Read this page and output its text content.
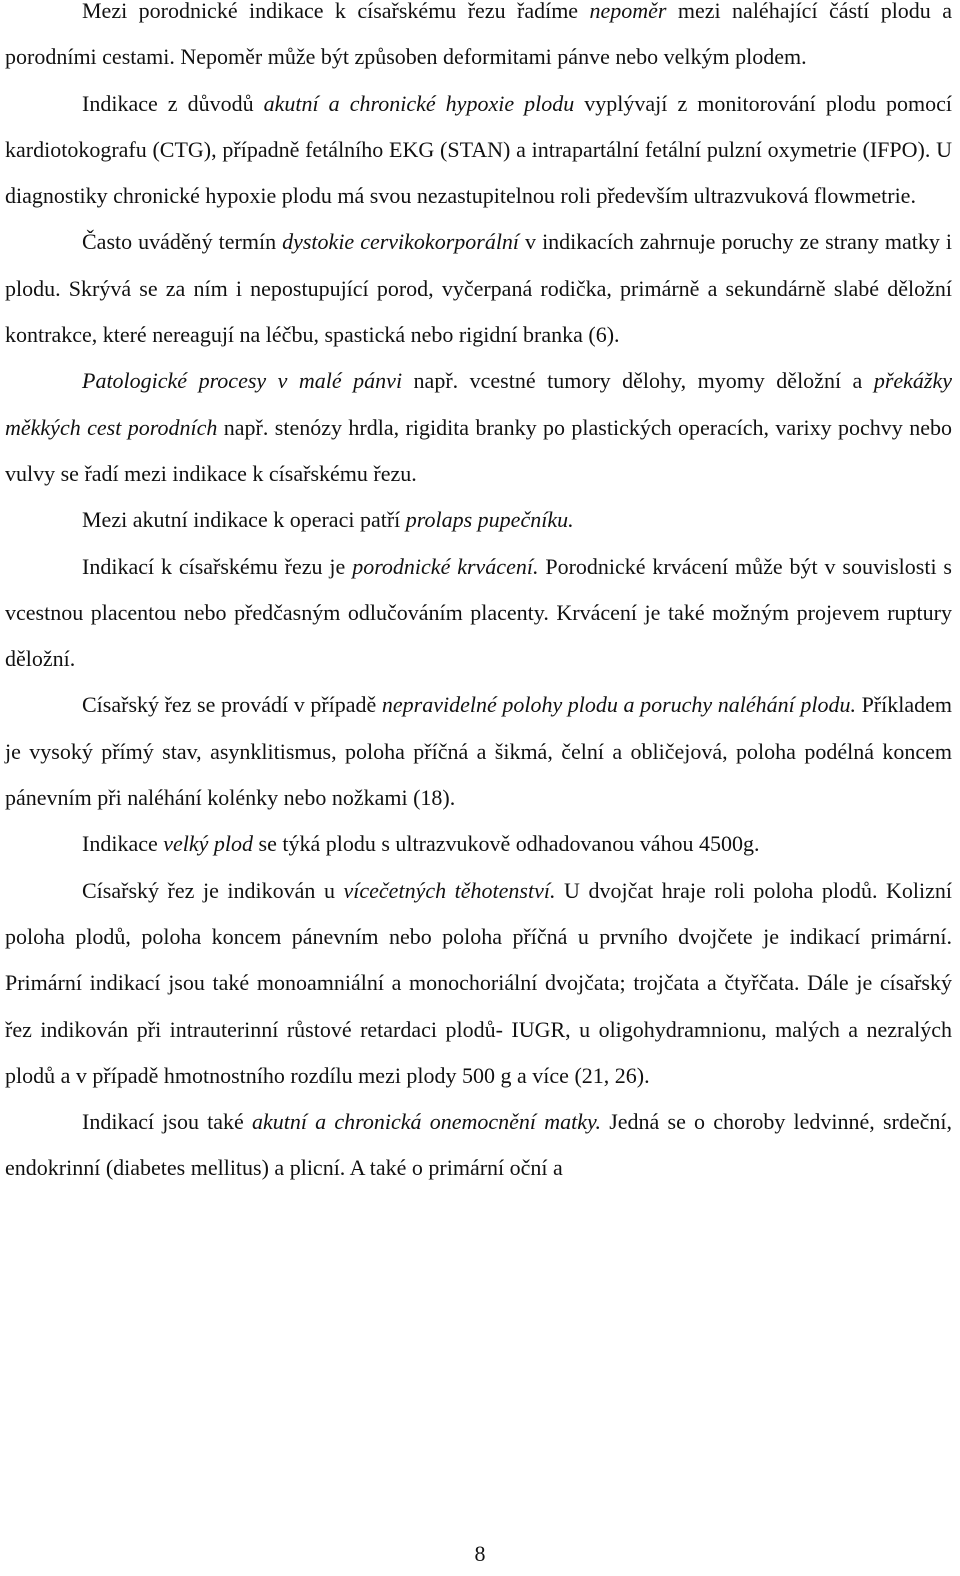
Mezi porodnické indikace k císařskému řezu řadíme nepoměr mezi naléhající částí plodu a porodními cestami. Nepoměr může být způsoben deformitami pánve nebo velkým plodem.

Indikace z důvodů akutní a chronické hypoxie plodu vyplývají z monitorování plodu pomocí kardiotokografu (CTG), případně fetálního EKG (STAN) a intrapartální fetální pulzní oxymetrie (IFPO). U diagnostiky chronické hypoxie plodu má svou nezastupitelnou roli především ultrazvuková flowmetrie.

Často uváděný termín dystokie cervikokorporální v indikacích zahrnuje poruchy ze strany matky i plodu. Skrývá se za ním i nepostupující porod, vyčerpaná rodička, primárně a sekundárně slabé děložní kontrakce, které nereagují na léčbu, spastická nebo rigidní branka (6).

Patologické procesy v malé pánvi např. vcestné tumory dělohy, myomy děložní a překážky měkkých cest porodních např. stenózy hrdla, rigidita branky po plastických operacích, varixy pochvy nebo vulvy se řadí mezi indikace k císařskému řezu.

Mezi akutní indikace k operaci patří prolaps pupečníku.

Indikací k císařskému řezu je porodnické krvácení. Porodnické krvácení může být v souvislosti s vcestnou placentou nebo předčasným odlučováním placenty. Krvácení je také možným projevem ruptury děložní.

Císařský řez se provádí v případě nepravidelné polohy plodu a poruchy naléhání plodu. Příkladem je vysoký přímý stav, asynklitismus, poloha příčná a šikmá, čelní a obličejová, poloha podélná koncem pánevním při naléhání kolénky nebo nožkami (18).

Indikace velký plod se týká plodu s ultrazvukově odhadovanou váhou 4500g.

Císařský řez je indikován u vícečetných těhotenství. U dvojčat hraje roli poloha plodů. Kolizní poloha plodů, poloha koncem pánevním nebo poloha příčná u prvního dvojčete je indikací primární. Primární indikací jsou také monoamniální a monochoriální dvojčata; trojčata a čtyřčata. Dále je císařský řez indikován při intrauterinní růstové retardaci plodů- IUGR, u oligohydramnionu, malých a nezralých plodů a v případě hmotnostního rozdílu mezi plody 500 g a více (21, 26).

Indikací jsou také akutní a chronická onemocnění matky. Jedná se o choroby ledvinné, srdeční, endokrinní (diabetes mellitus) a plicní. A také o primární oční a

8
